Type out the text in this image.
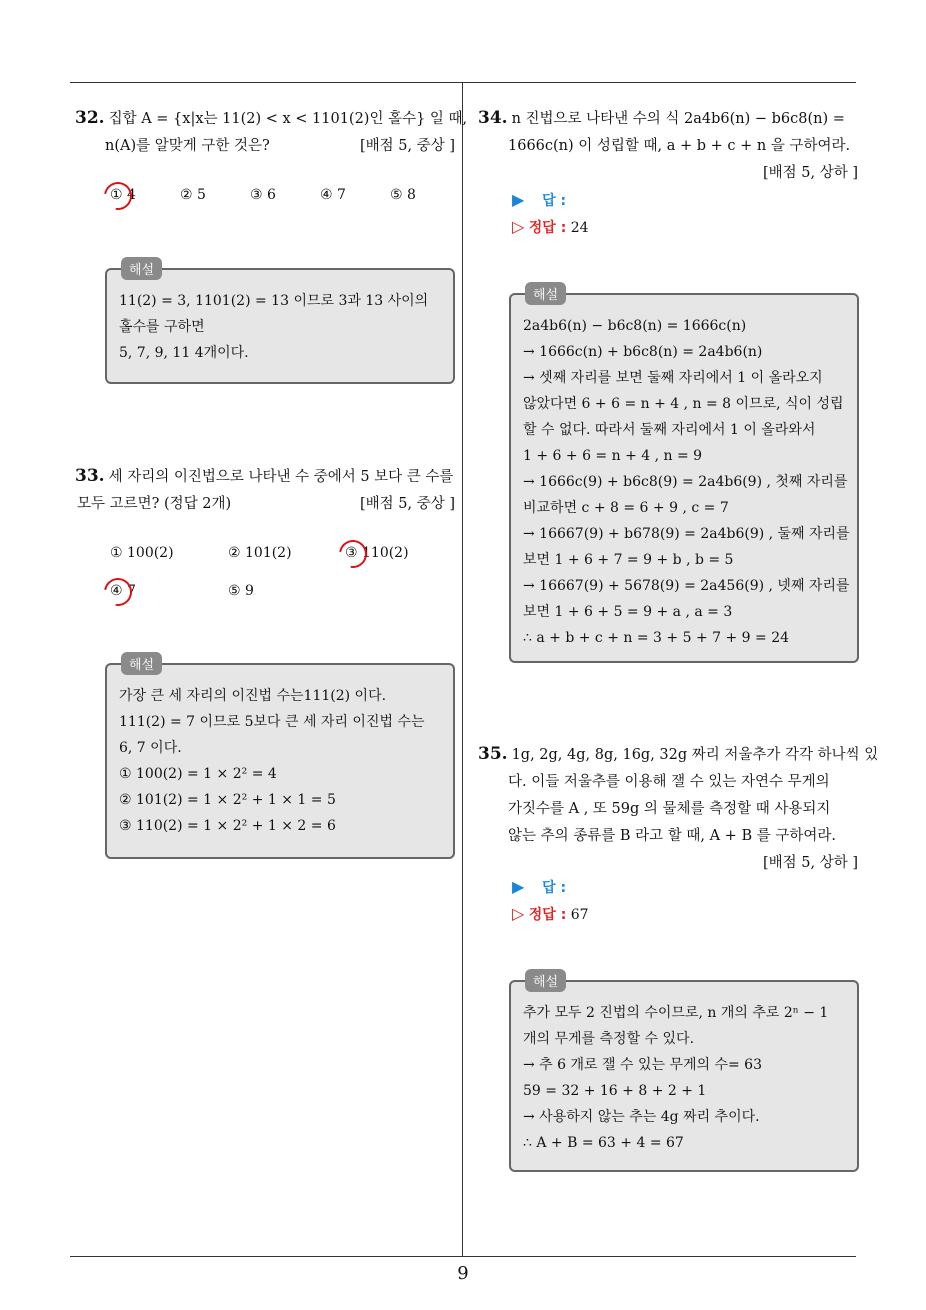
32. 집합 A = {x|x는 11(2) < x < 1101(2)인 홀수} 일 때,
n(A)를 알맞게 구한 것은?	[배점 5, 중상 ]
① 4	② 5	③ 6	④ 7	⑤ 8
해설
11(2) = 3, 1101(2) = 13 이므로 3과 13 사이의
홀수를 구하면
5, 7, 9, 11 4개이다.
33. 세 자리의 이진법으로 나타낸 수 중에서 5 보다 큰 수를
모두 고르면? (정답 2개)	[배점 5, 중상 ]
① 100(2)	② 101(2)	③ 110(2)
④ 7	⑤ 9
해설
가장 큰 세 자리의 이진법 수는111(2) 이다.
111(2) = 7 이므로 5보다 큰 세 자리 이진법 수는
6, 7 이다.
① 100(2) = 1 × 2² = 4
② 101(2) = 1 × 2² + 1 × 1 = 5
③ 110(2) = 1 × 2² + 1 × 2 = 6
34. n 진법으로 나타낸 수의 식 2a4b6(n) − b6c8(n) =
1666c(n) 이 성립할 때, a + b + c + n 을 구하여라.
[배점 5, 상하 ]
▶ 답 :
▷ 정답 : 24
해설
2a4b6(n) − b6c8(n) = 1666c(n)
→ 1666c(n) + b6c8(n) = 2a4b6(n)
→ 셋째 자리를 보면 둘째 자리에서 1 이 올라오지
않았다면 6 + 6 = n + 4 , n = 8 이므로, 식이 성립
할 수 없다. 따라서 둘째 자리에서 1 이 올라와서
1 + 6 + 6 = n + 4 , n = 9
→ 1666c(9) + b6c8(9) = 2a4b6(9) , 첫째 자리를
비교하면 c + 8 = 6 + 9 , c = 7
→ 16667(9) + b678(9) = 2a4b6(9) , 둘째 자리를
보면 1 + 6 + 7 = 9 + b , b = 5
→ 16667(9) + 5678(9) = 2a456(9) , 넷째 자리를
보면 1 + 6 + 5 = 9 + a , a = 3
∴ a + b + c + n = 3 + 5 + 7 + 9 = 24
35. 1g, 2g, 4g, 8g, 16g, 32g 짜리 저울추가 각각 하나씩 있
다. 이들 저울추를 이용해 잴 수 있는 자연수 무게의
가짓수를 A , 또 59g 의 물체를 측정할 때 사용되지
않는 추의 종류를 B 라고 할 때, A + B 를 구하여라.
[배점 5, 상하 ]
▶ 답 :
▷ 정답 : 67
해설
추가 모두 2 진법의 수이므로, n 개의 추로 2ⁿ − 1
개의 무게를 측정할 수 있다.
→ 추 6 개로 잴 수 있는 무게의 수= 63
59 = 32 + 16 + 8 + 2 + 1
→ 사용하지 않는 추는 4g 짜리 추이다.
∴ A + B = 63 + 4 = 67
9
